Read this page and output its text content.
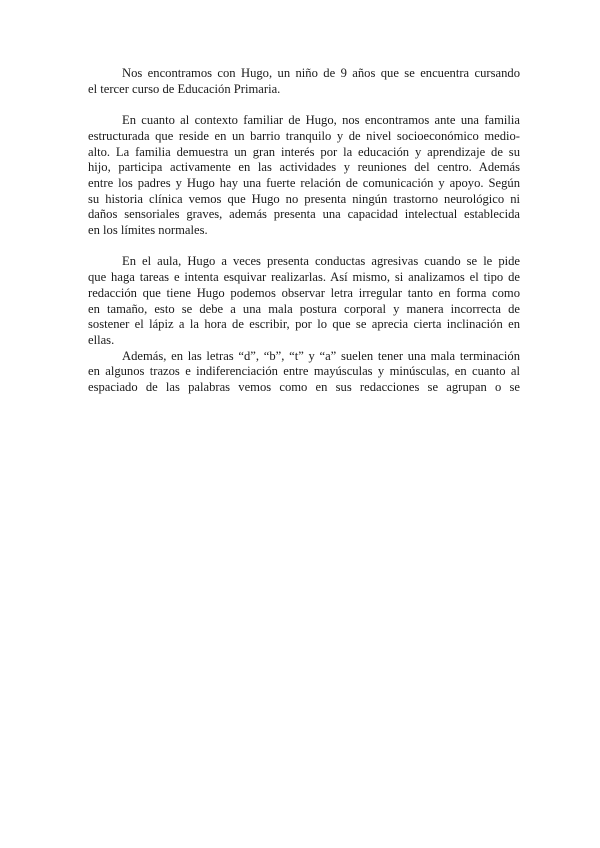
Nos encontramos con Hugo, un niño de 9 años que se encuentra cursando
el tercer curso de Educación Primaria.

En cuanto al contexto familiar de Hugo, nos encontramos ante una familia
estructurada que reside en un barrio tranquilo y de nivel socioeconómico medio-
alto. La familia demuestra un gran interés por la educación y aprendizaje de su
hijo, participa activamente en las actividades y reuniones del centro. Además
entre los padres y Hugo hay una fuerte relación de comunicación y apoyo. Según
su historia clínica vemos que Hugo no presenta ningún trastorno neurológico ni
daños sensoriales graves, además presenta una capacidad intelectual establecida
en los límites normales.

En el aula, Hugo a veces presenta conductas agresivas cuando se le pide
que haga tareas e intenta esquivar realizarlas. Así mismo, si analizamos el tipo de
redacción que tiene Hugo podemos observar letra irregular tanto en forma como
en tamaño, esto se debe a una mala postura corporal y manera incorrecta de
sostener el lápiz a la hora de escribir, por lo que se aprecia cierta inclinación en
ellas.

Además, en las letras “d”, “b”, “t” y “a” suelen tener una mala terminación
en algunos trazos e indiferenciación entre mayúsculas y minúsculas, en cuanto al
espaciado de las palabras vemos como en sus redacciones se agrupan o se
